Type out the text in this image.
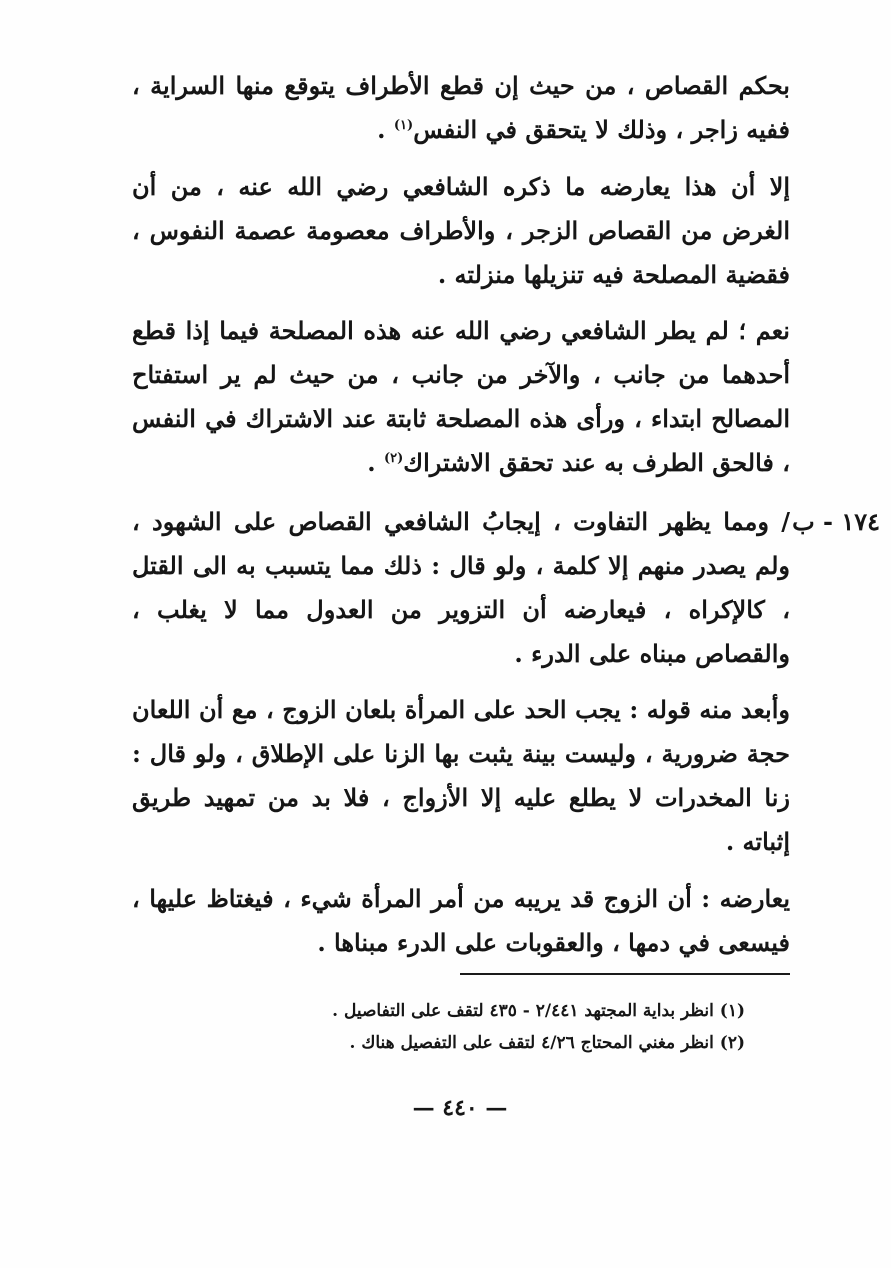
بحكم القصاص ، من حيث إن قطع الأطراف يتوقع منها السراية ، ففيه زاجر ، وذلك لا يتحقق في النفس$^{(١)}$ .

إلا أن هذا يعارضه ما ذكره الشافعي رضي الله عنه ، من أن الغرض من القصاص الزجر ، والأطراف معصومة عصمة النفوس ، فقضية المصلحة فيه تنزيلها منزلته .

نعم ؛ لم يطر الشافعي رضي الله عنه هذه المصلحة فيما إذا قطع أحدهما من جانب ، والآخر من جانب ، من حيث لم ير استفتاح المصالح ابتداء ، ورأى هذه المصلحة ثابتة عند الاشتراك في النفس ، فالحق الطرف به عند تحقق الاشتراك$^{(٢)}$ .

١٧٤ - ب

/ ومما يظهر التفاوت ، إيجابُ الشافعي القصاص على الشهود ، ولم يصدر منهم إلا كلمة ، ولو قال : ذلك مما يتسبب به الى القتل ، كالإكراه ، فيعارضه أن التزوير من العدول مما لا يغلب ، والقصاص مبناه على الدرء .

وأبعد منه قوله : يجب الحد على المرأة بلعان الزوج ، مع أن اللعان حجة ضرورية ، وليست بينة يثبت بها الزنا على الإطلاق ، ولو قال : زنا المخدرات لا يطلع عليه إلا الأزواج ، فلا بد من تمهيد طريق إثباته .

يعارضه : أن الزوج قد يريبه من أمر المرأة شيء ، فيغتاظ عليها ، فيسعى في دمها ، والعقوبات على الدرء مبناها .

(١) انظر بداية المجتهد ٢/٤٤١ - ٤٣٥ لتقف على التفاصيل .

(٢) انظر مغني المحتاج ٤/٢٦ لتقف على التفصيل هناك .

— ٤٤٠ —
